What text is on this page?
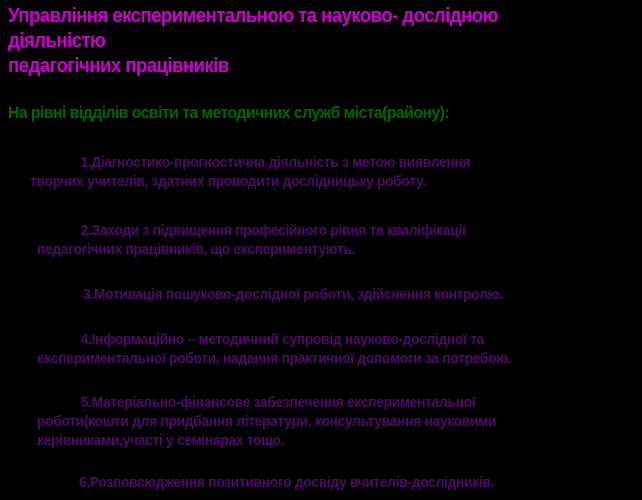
Управління експериментальною та науково- дослідною
діяльністю
педагогічних працівників
На рівні відділів освіти та методичних служб міста(району):

1.Діагностико-прогностична діяльність з метою виявлення
творчих учителів, здатних проводити дослідницьку роботу.

2.Заходи з підвищення професійного рівня та кваліфікації
педагогічних працівників, що експериментують.

3.Мотивація пошуково-дослідної роботи, здійснення контролю.

4.Інформаційно – методичний супровід науково-дослідної та
експериментальної роботи, надання практичної допомоги за потребою.

5.Матеріально-фінансове забезпечення експериментальної
роботи(кошти для придбання літератури, консультування науковими
керівниками,участі у семінарах тощо.

6.Розповсюдження позитивного досвіду вчителів-дослідників.
